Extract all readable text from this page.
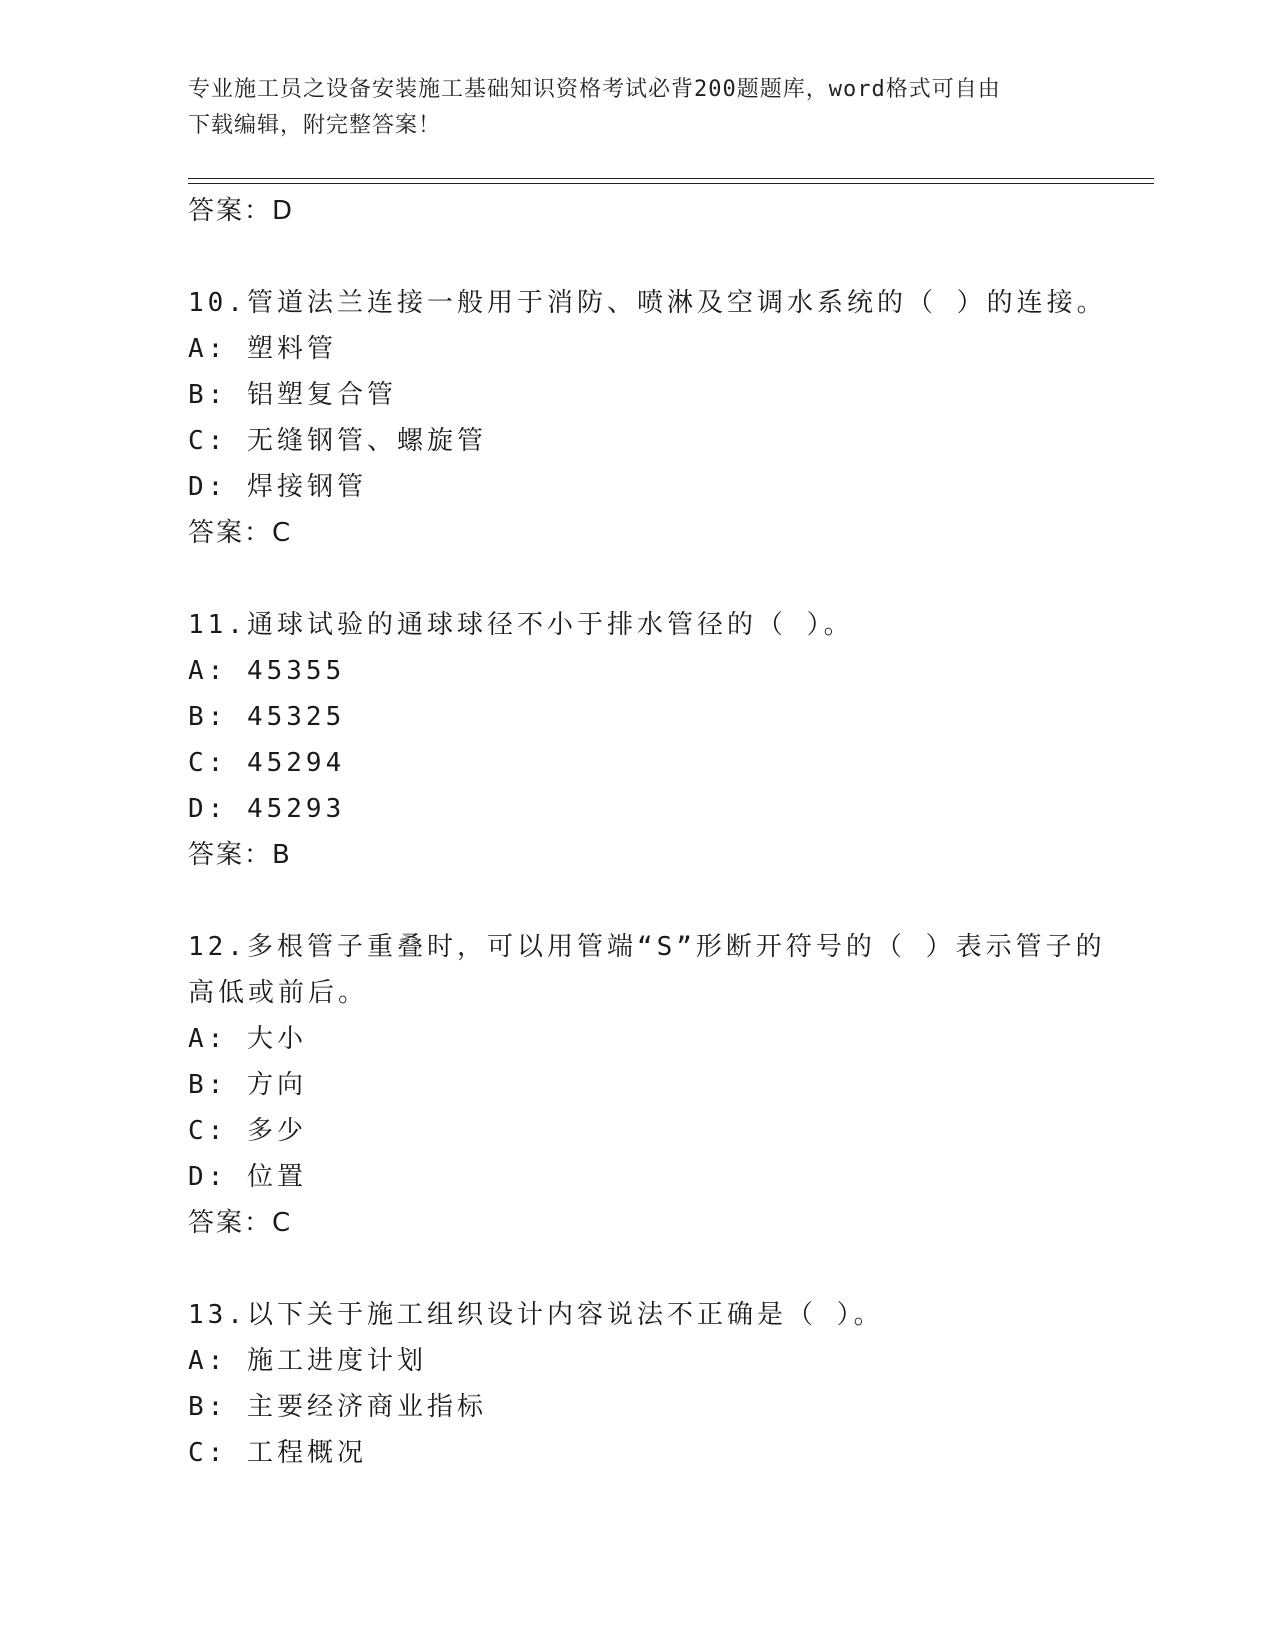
专业施工员之设备安装施工基础知识资格考试必背200题题库，word格式可自由
下载编辑，附完整答案！
答案：D
10.管道法兰连接一般用于消防、喷淋及空调水系统的（ ）的连接。
A: 塑料管
B: 铝塑复合管
C: 无缝钢管、螺旋管
D: 焊接钢管
答案：C
11.通球试验的通球球径不小于排水管径的（ ）。
A: 45355
B: 45325
C: 45294
D: 45293
答案：B
12.多根管子重叠时，可以用管端“S”形断开符号的（ ）表示管子的
高低或前后。
A: 大小
B: 方向
C: 多少
D: 位置
答案：C
13.以下关于施工组织设计内容说法不正确是（ ）。
A: 施工进度计划
B: 主要经济商业指标
C: 工程概况
